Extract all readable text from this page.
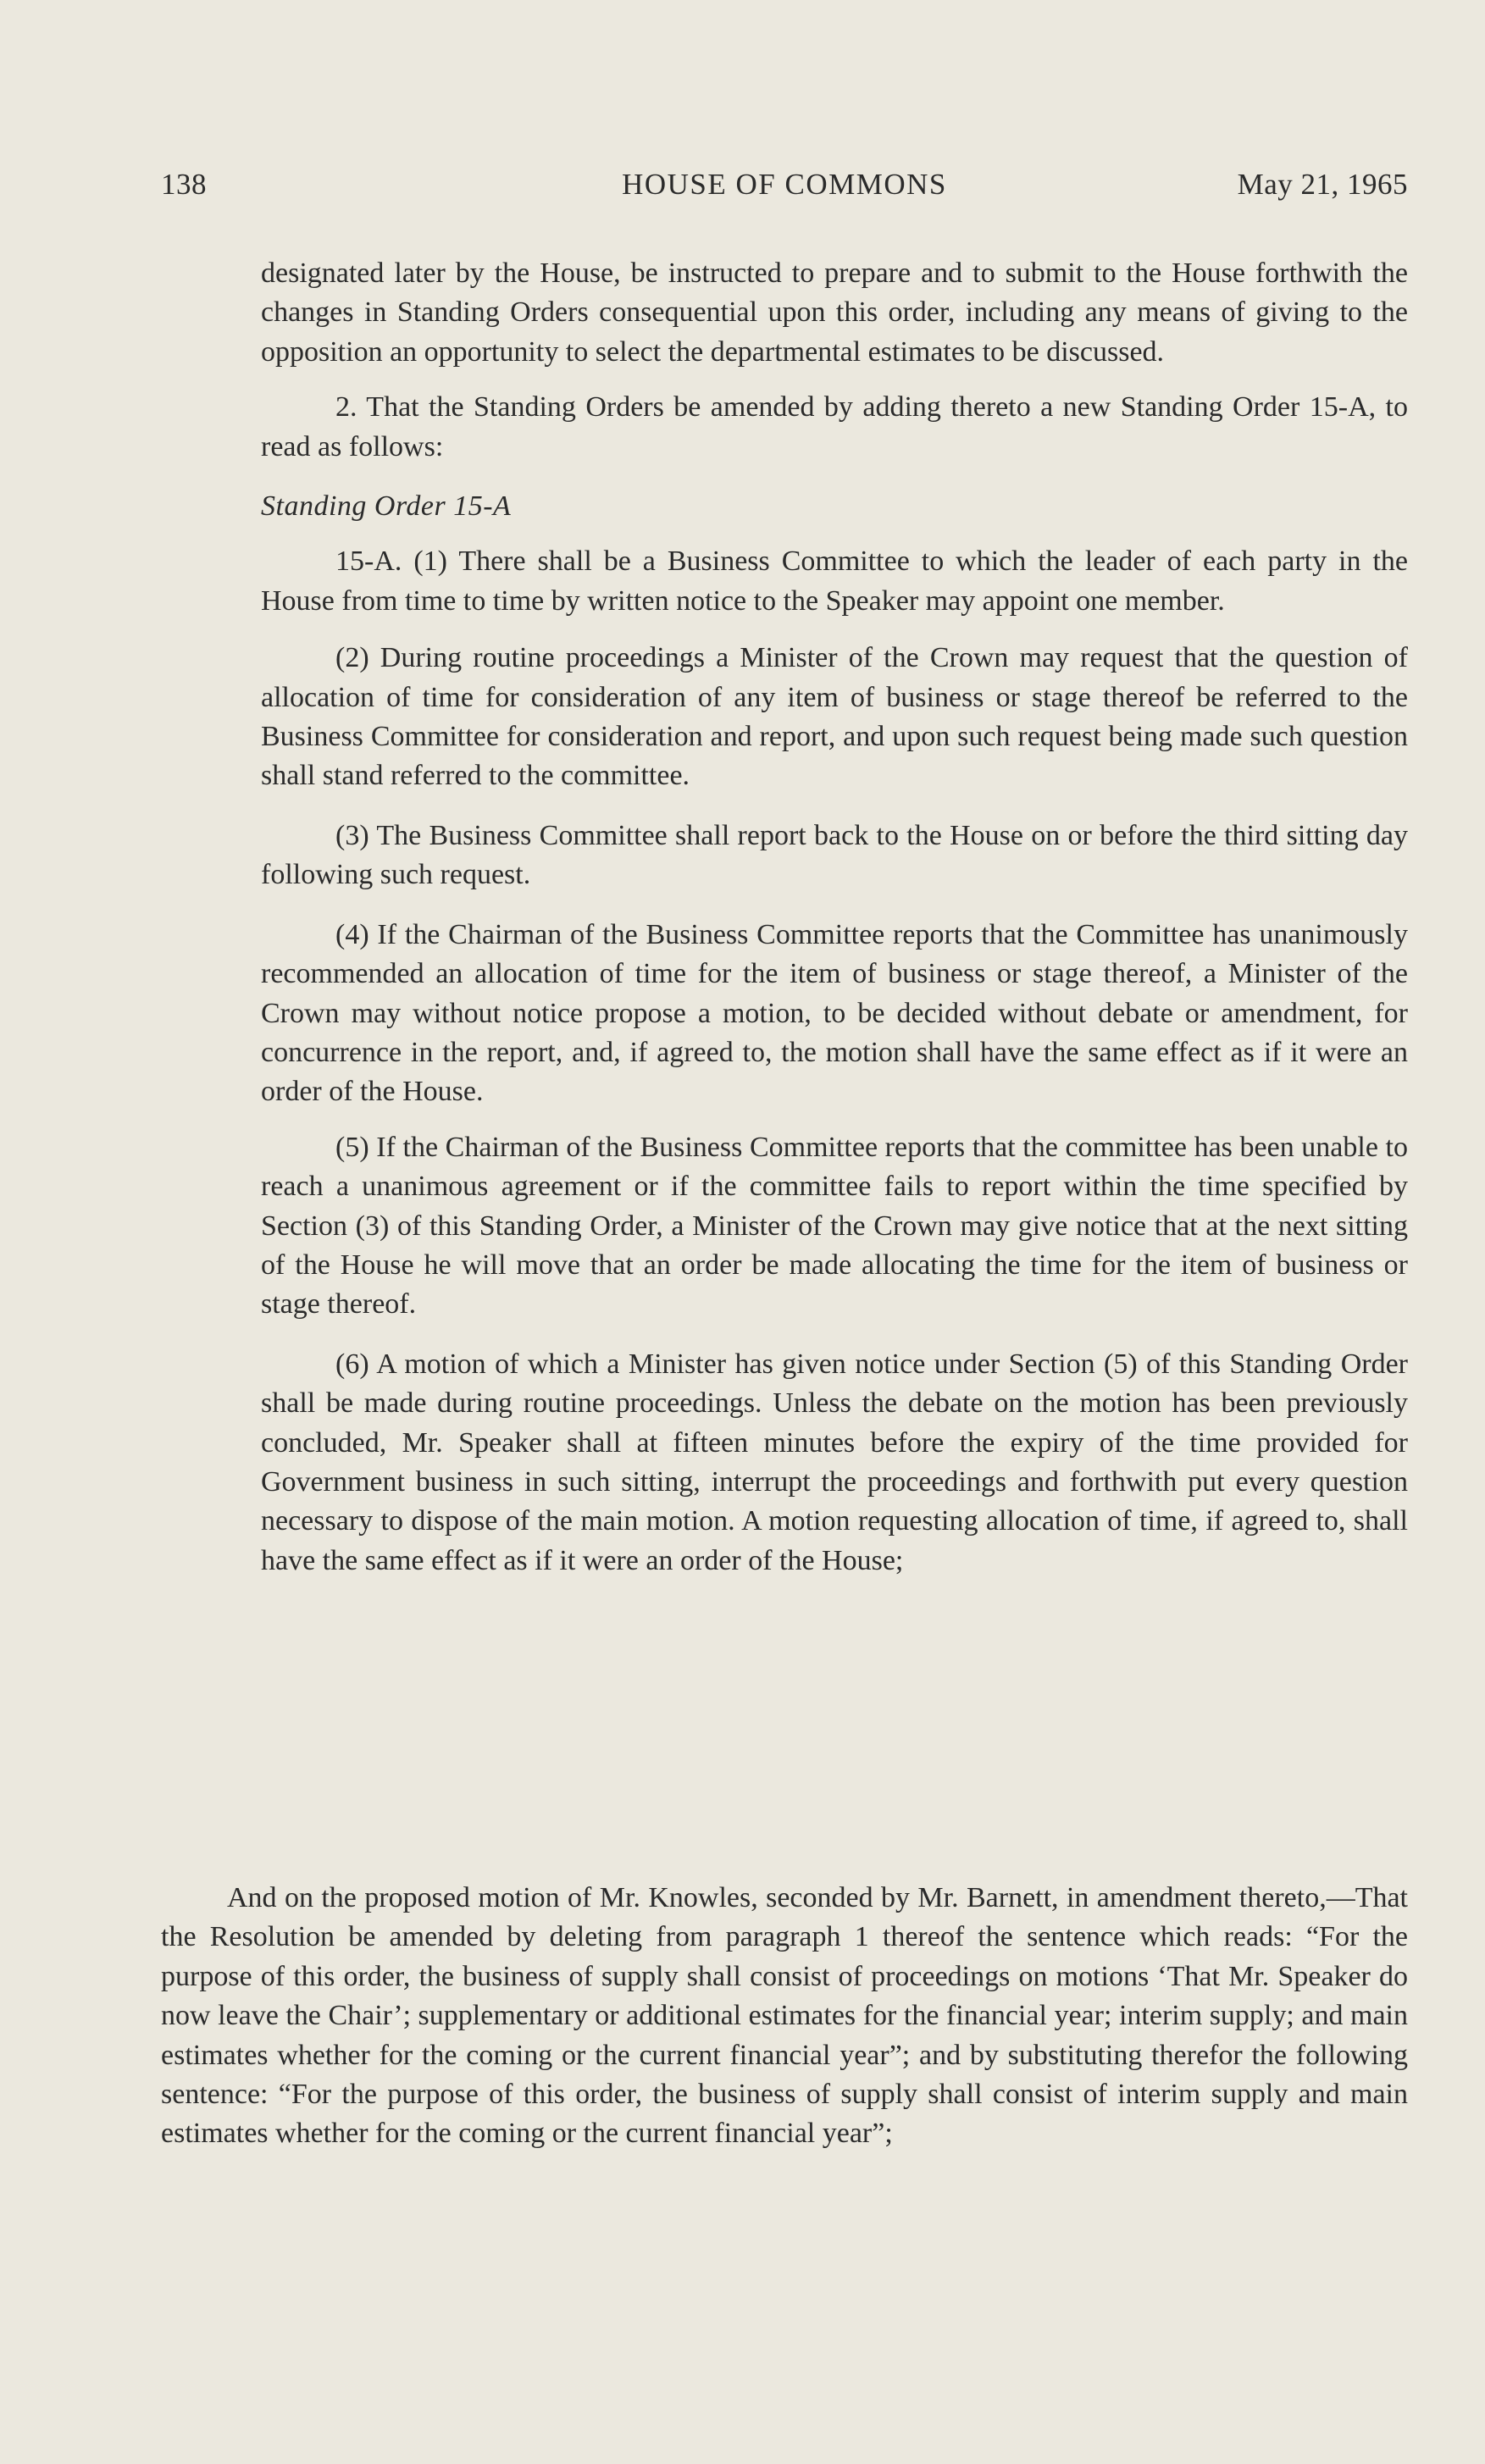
138	HOUSE OF COMMONS	May 21, 1965

designated later by the House, be instructed to prepare and to submit to the House forthwith the changes in Standing Orders consequential upon this order, including any means of giving to the opposition an opportunity to select the departmental estimates to be discussed.

2. That the Standing Orders be amended by adding thereto a new Standing Order 15-A, to read as follows:

Standing Order 15-A

15-A. (1) There shall be a Business Committee to which the leader of each party in the House from time to time by written notice to the Speaker may appoint one member.

(2) During routine proceedings a Minister of the Crown may request that the question of allocation of time for consideration of any item of business or stage thereof be referred to the Business Committee for consideration and report, and upon such request being made such question shall stand referred to the committee.

(3) The Business Committee shall report back to the House on or before the third sitting day following such request.

(4) If the Chairman of the Business Committee reports that the Committee has unanimously recommended an allocation of time for the item of business or stage thereof, a Minister of the Crown may without notice propose a motion, to be decided without debate or amendment, for concurrence in the report, and, if agreed to, the motion shall have the same effect as if it were an order of the House.

(5) If the Chairman of the Business Committee reports that the committee has been unable to reach a unanimous agreement or if the committee fails to report within the time specified by Section (3) of this Standing Order, a Minister of the Crown may give notice that at the next sitting of the House he will move that an order be made allocating the time for the item of business or stage thereof.

(6) A motion of which a Minister has given notice under Section (5) of this Standing Order shall be made during routine proceedings. Unless the debate on the motion has been previously concluded, Mr. Speaker shall at fifteen minutes before the expiry of the time provided for Government business in such sitting, interrupt the proceedings and forthwith put every question necessary to dispose of the main motion. A motion requesting allocation of time, if agreed to, shall have the same effect as if it were an order of the House;

And on the proposed motion of Mr. Knowles, seconded by Mr. Barnett, in amendment thereto,—That the Resolution be amended by deleting from paragraph 1 thereof the sentence which reads: “For the purpose of this order, the business of supply shall consist of proceedings on motions ‘That Mr. Speaker do now leave the Chair’; supplementary or additional estimates for the financial year; interim supply; and main estimates whether for the coming or the current financial year”; and by substituting therefor the following sentence: “For the purpose of this order, the business of supply shall consist of interim supply and main estimates whether for the coming or the current financial year”;
